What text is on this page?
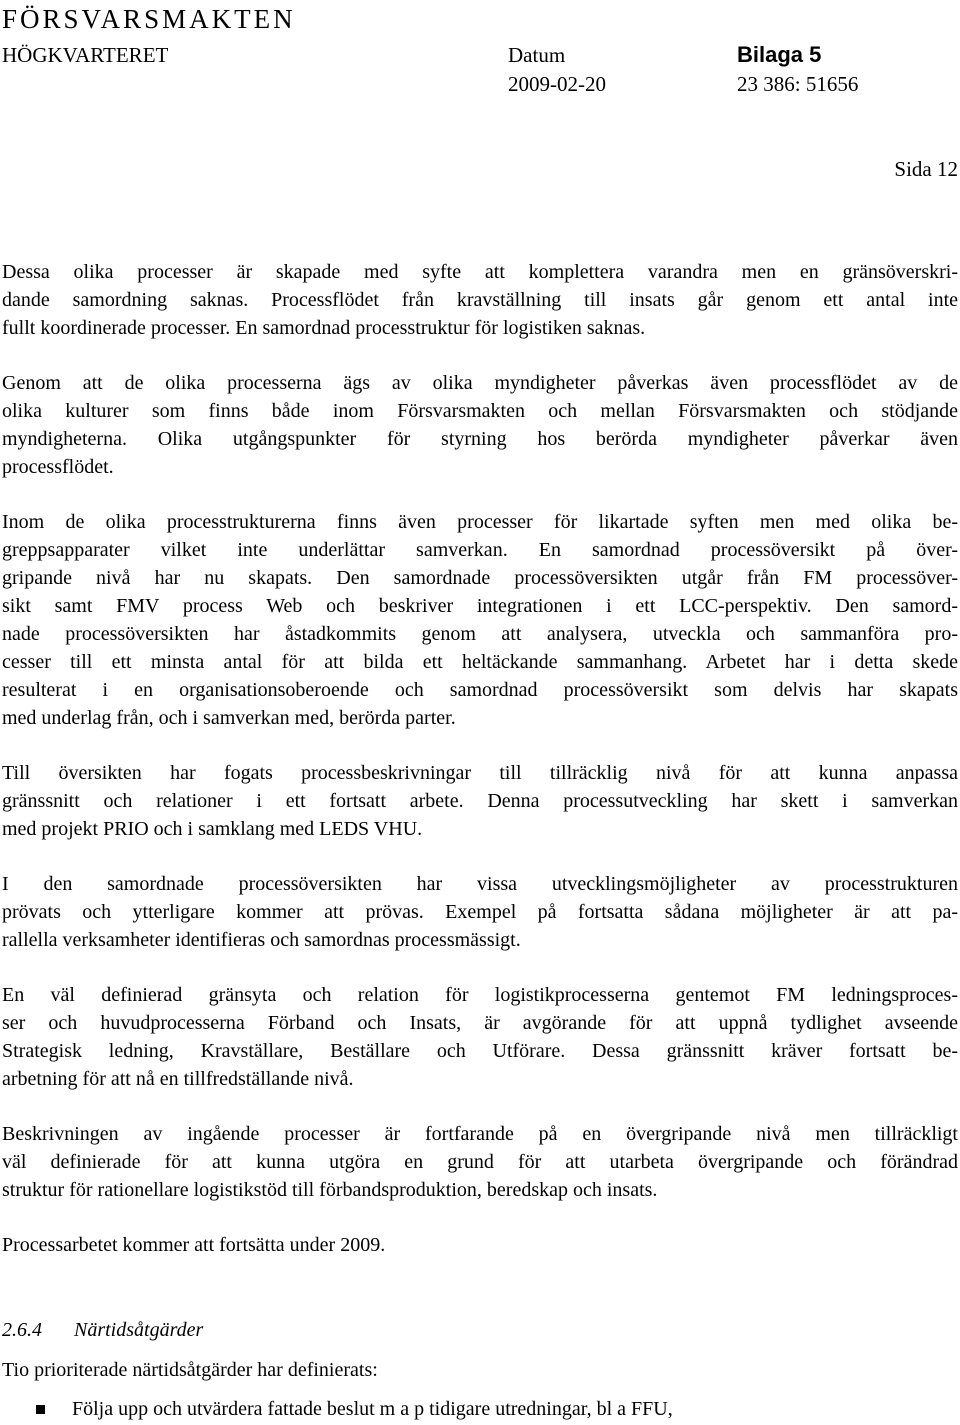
FÖRSVARSMAKTEN
HÖGKVARTERET	Datum
2009-02-20
Bilaga 5
23 386: 51656
Sida 12
Dessa olika processer är skapade med syfte att komplettera varandra men en gränsöverskri-
dande samordning saknas. Processflödet från kravställning till insats går genom ett antal inte
fullt koordinerade processer. En samordnad processtruktur för logistiken saknas.
Genom att de olika processerna ägs av olika myndigheter påverkas även processflödet av de
olika kulturer som finns både inom Försvarsmakten och mellan Försvarsmakten och stödjande
myndigheterna. Olika utgångspunkter för styrning hos berörda myndigheter påverkar även
processflödet.
Inom de olika processtrukturerna finns även processer för likartade syften men med olika be-
greppsapparater vilket inte underlättar samverkan. En samordnad processöversikt på över-
gripande nivå har nu skapats. Den samordnade processöversikten utgår från FM processöver-
sikt samt FMV process Web och beskriver integrationen i ett LCC-perspektiv. Den samord-
nade processöversikten har åstadkommits genom att analysera, utveckla och sammanföra pro-
cesser till ett minsta antal för att bilda ett heltäckande sammanhang. Arbetet har i detta skede
resulterat i en organisationsoberoende och samordnad processöversikt som delvis har skapats
med underlag från, och i samverkan med, berörda parter.
Till översikten har fogats processbeskrivningar till tillräcklig nivå för att kunna anpassa
gränssnitt och relationer i ett fortsatt arbete. Denna processutveckling har skett i samverkan
med projekt PRIO och i samklang med LEDS VHU.
I den samordnade processöversikten har vissa utvecklingsmöjligheter av processtrukturen
prövats och ytterligare kommer att prövas. Exempel på fortsatta sådana möjligheter är att pa-
rallella verksamheter identifieras och samordnas processmässigt.
En väl definierad gränsyta och relation för logistikprocesserna gentemot FM ledningsproces-
ser och huvudprocesserna Förband och Insats, är avgörande för att uppnå tydlighet avseende
Strategisk ledning, Kravställare, Beställare och Utförare. Dessa gränssnitt kräver fortsatt be-
arbetning för att nå en tillfredställande nivå.
Beskrivningen av ingående processer är fortfarande på en övergripande nivå men tillräckligt
väl definierade för att kunna utgöra en grund för att utarbeta övergripande och förändrad
struktur för rationellare logistikstöd till förbandsproduktion, beredskap och insats.
Processarbetet kommer att fortsätta under 2009.
2.6.4 Närtidsåtgärder
Tio prioriterade närtidsåtgärder har definierats:
Följa upp och utvärdera fattade beslut m a p tidigare utredningar, bl a FFU,
